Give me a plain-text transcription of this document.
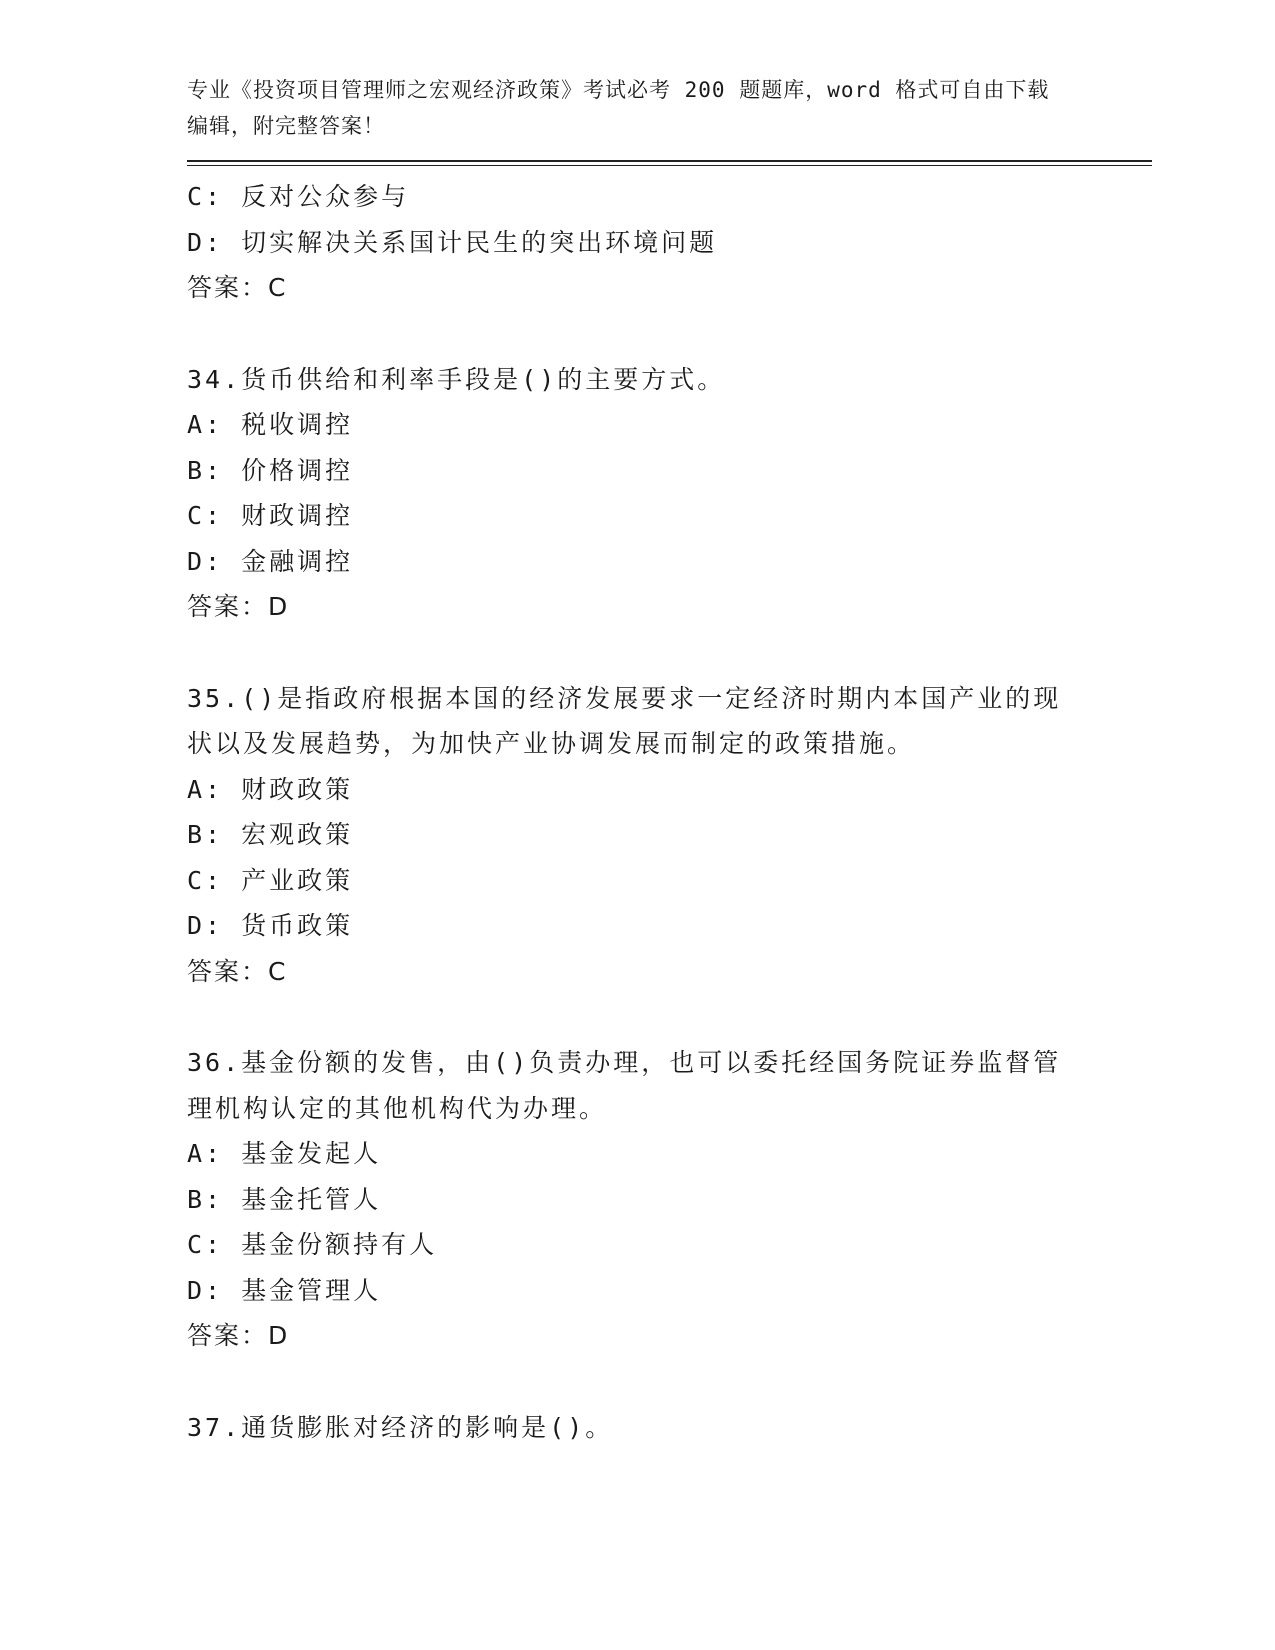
专业《投资项目管理师之宏观经济政策》考试必考 200 题题库，word 格式可自由下载编辑，附完整答案！

C: 反对公众参与

D: 切实解决关系国计民生的突出环境问题

答案：C

34.货币供给和利率手段是()的主要方式。

A: 税收调控

B: 价格调控

C: 财政调控

D: 金融调控

答案：D

35.()是指政府根据本国的经济发展要求一定经济时期内本国产业的现状以及发展趋势，为加快产业协调发展而制定的政策措施。

A: 财政政策

B: 宏观政策

C: 产业政策

D: 货币政策

答案：C

36.基金份额的发售，由()负责办理，也可以委托经国务院证券监督管理机构认定的其他机构代为办理。

A: 基金发起人

B: 基金托管人

C: 基金份额持有人

D: 基金管理人

答案：D

37.通货膨胀对经济的影响是()。
